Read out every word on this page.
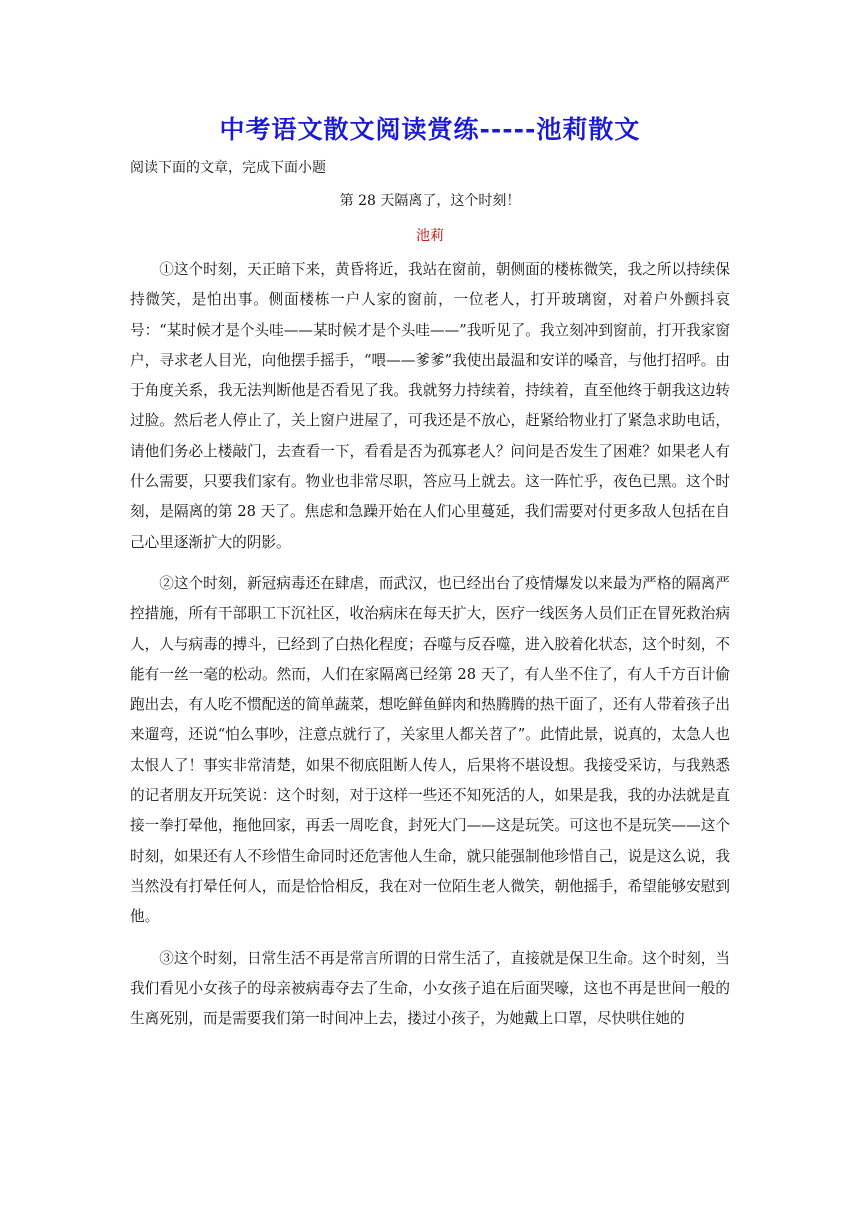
中考语文散文阅读赏练-----池莉散文

阅读下面的文章，完成下面小题

第 28 天隔离了，这个时刻！

池莉

①这个时刻，天正暗下来，黄昏将近，我站在窗前，朝侧面的楼栋微笑，我之所以持续保持微笑，是怕出事。侧面楼栋一户人家的窗前，一位老人，打开玻璃窗，对着户外颤抖哀号：“某时候才是个头哇——某时候才是个头哇——”我听见了。我立刻冲到窗前，打开我家窗户，寻求老人目光，向他摆手摇手，“喂——爹爹”我使出最温和安详的嗓音，与他打招呼。由于角度关系，我无法判断他是否看见了我。我就努力持续着，持续着，直至他终于朝我这边转过脸。然后老人停止了，关上窗户进屋了，可我还是不放心，赶紧给物业打了紧急求助电话，请他们务必上楼敲门，去查看一下，看看是否为孤寡老人？问问是否发生了困难？如果老人有什么需要，只要我们家有。物业也非常尽职，答应马上就去。这一阵忙乎，夜色已黑。这个时刻，是隔离的第 28 天了。焦虑和急躁开始在人们心里蔓延，我们需要对付更多敌人包括在自己心里逐渐扩大的阴影。

②这个时刻，新冠病毒还在肆虐，而武汉，也已经出台了疫情爆发以来最为严格的隔离严控措施，所有干部职工下沉社区，收治病床在每天扩大，医疗一线医务人员们正在冒死救治病人，人与病毒的搏斗，已经到了白热化程度；吞噬与反吞噬，进入胶着化状态，这个时刻，不能有一丝一毫的松动。然而，人们在家隔离已经第 28 天了，有人坐不住了，有人千方百计偷跑出去，有人吃不惯配送的简单蔬菜，想吃鲜鱼鲜肉和热腾腾的热干面了，还有人带着孩子出来遛弯，还说“怕么事吵，注意点就行了，关家里人都关苕了”。此情此景，说真的，太急人也太恨人了！事实非常清楚，如果不彻底阻断人传人，后果将不堪设想。我接受采访，与我熟悉的记者朋友开玩笑说：这个时刻，对于这样一些还不知死活的人，如果是我，我的办法就是直接一拳打晕他，拖他回家，再丢一周吃食，封死大门——这是玩笑。可这也不是玩笑——这个时刻，如果还有人不珍惜生命同时还危害他人生命，就只能强制他珍惜自己，说是这么说，我当然没有打晕任何人，而是恰恰相反，我在对一位陌生老人微笑，朝他摇手，希望能够安慰到他。

③这个时刻，日常生活不再是常言所谓的日常生活了，直接就是保卫生命。这个时刻，当我们看见小女孩子的母亲被病毒夺去了生命，小女孩子追在后面哭嚎，这也不再是世间一般的生离死别，而是需要我们第一时间冲上去，搂过小孩子，为她戴上口罩，尽快哄住她的
